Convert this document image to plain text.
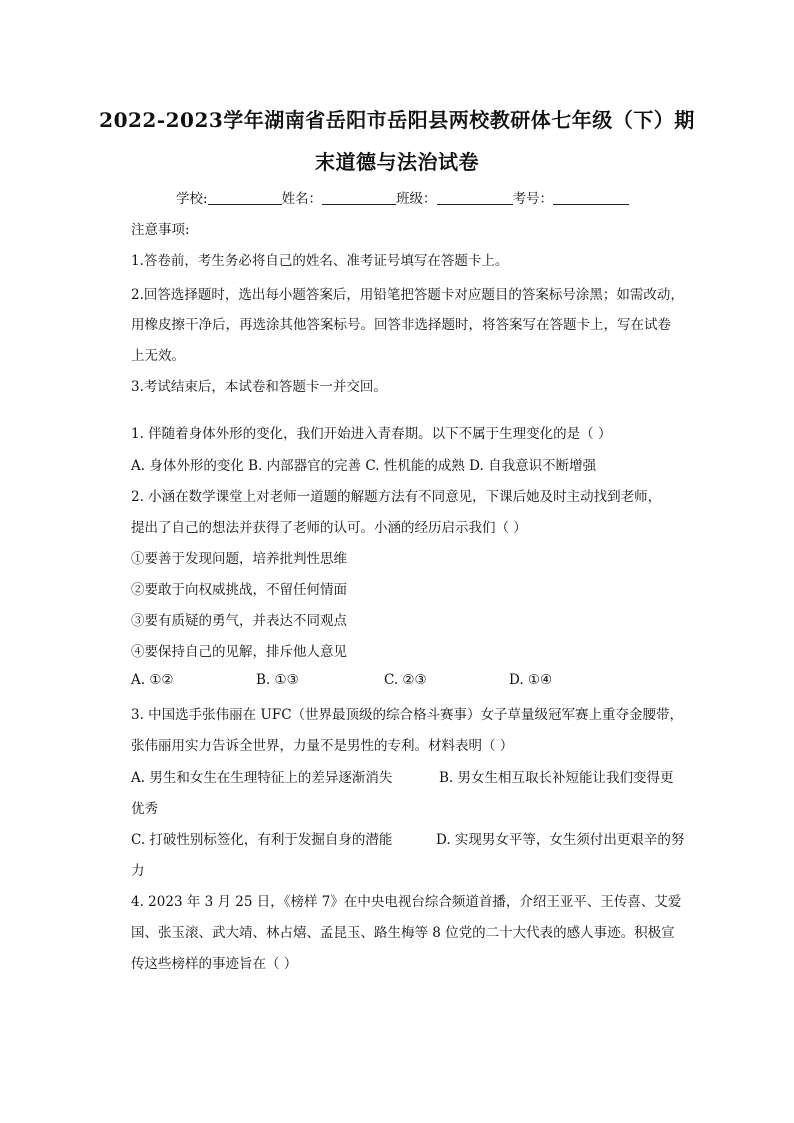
2022-2023学年湖南省岳阳市岳阳县两校教研体七年级（下）期
末道德与法治试卷
学校:	姓名：	班级：	考号：
注意事项:
1.答卷前，考生务必将自己的姓名、准考证号填写在答题卡上。
2.回答选择题时，选出每小题答案后，用铅笔把答题卡对应题目的答案标号涂黑；如需改动，
用橡皮擦干净后，再选涂其他答案标号。回答非选择题时，将答案写在答题卡上，写在试卷
上无效。
3.考试结束后，本试卷和答题卡一并交回。
1. 伴随着身体外形的变化，我们开始进入青春期。以下不属于生理变化的是（ ）
A. 身体外形的变化 B. 内部器官的完善 C. 性机能的成熟 D. 自我意识不断增强
2. 小涵在数学课堂上对老师一道题的解题方法有不同意见，下课后她及时主动找到老师，
提出了自己的想法并获得了老师的认可。小涵的经历启示我们（ ）
①要善于发现问题，培养批判性思维
②要敢于向权威挑战，不留任何情面
③要有质疑的勇气，并表达不同观点
④要保持自己的见解，排斥他人意见
A. ①②	B. ①③	C. ②③	D. ①④
3. 中国选手张伟丽在 UFC（世界最顶级的综合格斗赛事）女子草量级冠军赛上重夺金腰带，
张伟丽用实力告诉全世界，力量不是男性的专利。材料表明（ ）
A. 男生和女生在生理特征上的差异逐渐消失	B. 男女生相互取长补短能让我们变得更
优秀
C. 打破性别标签化，有利于发掘自身的潜能	D. 实现男女平等，女生须付出更艰辛的努
力
4. 2023 年 3 月 25 日，《榜样 7》在中央电视台综合频道首播，介绍王亚平、王传喜、艾爱
国、张玉滚、武大靖、林占熺、孟昆玉、路生梅等 8 位党的二十大代表的感人事迹。积极宣
传这些榜样的事迹旨在（ ）
